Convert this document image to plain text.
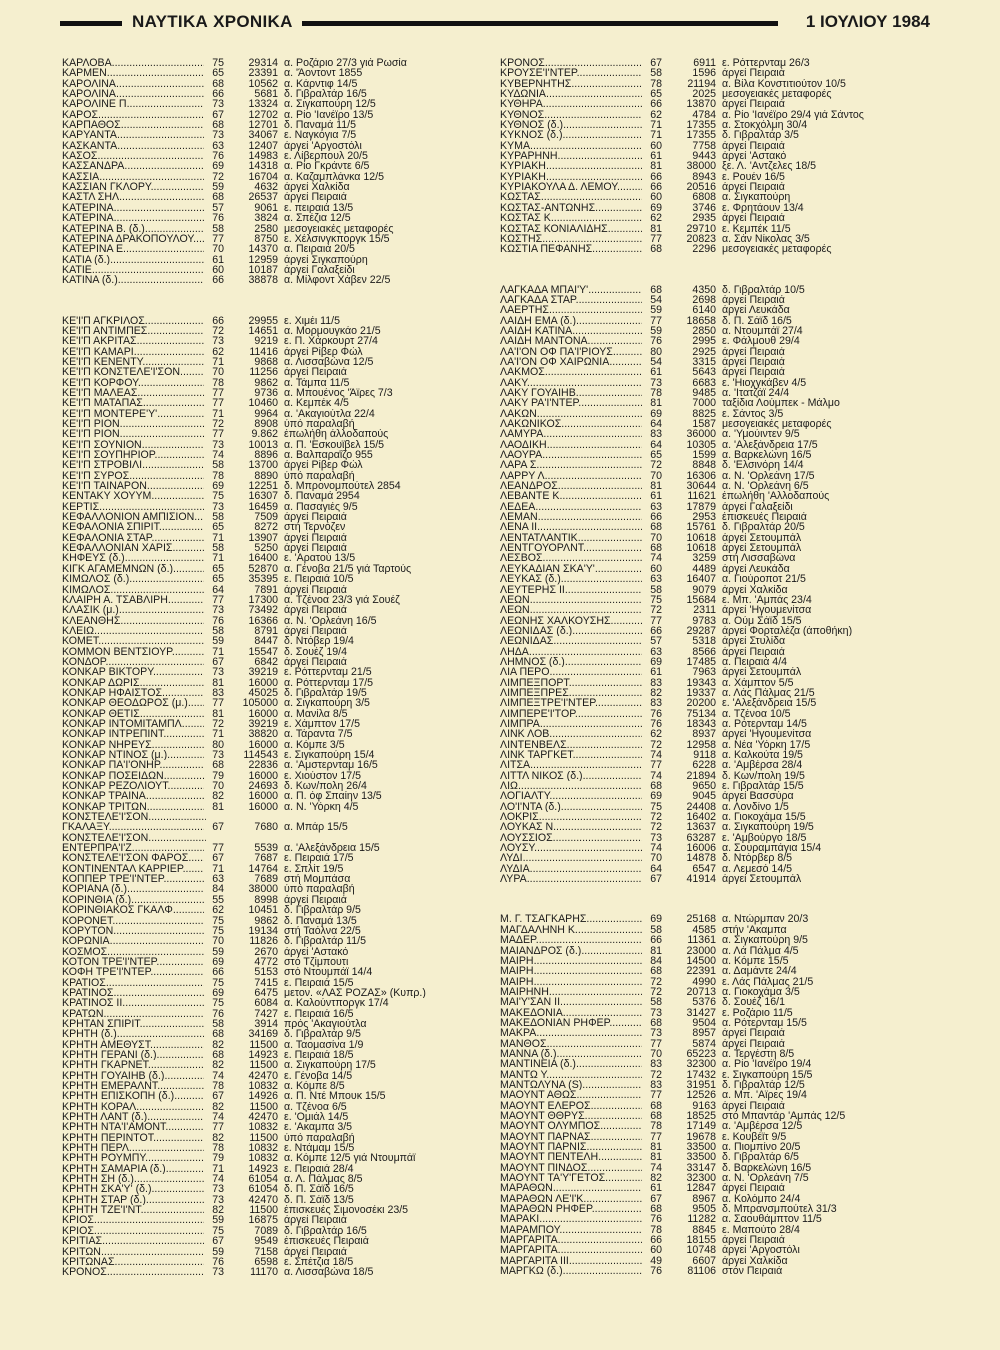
ΝΑΥΤΙΚΑ ΧΡΟΝΙΚΑ	1 ΙΟΥΛΙΟΥ 1984
ΚΑΡΛΟΒΑ .....	75	29314 α. Ροζάριο 27/3 γιά Ρωσία
ΚΑΡΜΕΝ .....	65	23391 α. 'Άοντοντ 1855
ΚΑΡΟΛΙΝΑ .....	68	10562 α. Κάρντιφ 14/5
ΚΑΡΟΛΙΝΑ .....	66	5681 δ. Γιβραλτάρ 16/5
ΚΑΡΟΛΙΝΕ Π. .....	73	13324 α. Σιγκαπούρη 12/5
ΚΑΡΟΣ .....	67	12702 α. Ρίο 'Ιανέϊρο 13/5
ΚΑΡΠΑΘΟΣ .....	68	12701 δ. Παναμά 11/5
ΚΑΡΥΑΝΤΑ .....	73	34067 ε. Ναγκόγια 7/5
ΚΑΣΚΑΝΤΑ .....	63	12407 άργεί 'Αργοστόλι
ΚΑΣΟΣ .....	76	14983 ε. Λίβερπουλ 20/5
ΚΑΣΣΑΝΔΡΑ .....	69	14318 α. Ρίο Γκράντε 6/5
ΚΑΣΣΙΑ .....	72	16704 α. Καζαμπλάνκα 12/5
ΚΑΣΣΙΑΝ ΓΚΛΟΡΥ .....	59	4632 άργεί Χαλκίδα
ΚΑΣΤΛ ΣΗΛ .....	68	26537 άργεί Πειραιά
ΚΑΤΕΡΙΝΑ .....	57	9061 ε. πειραιά 13/5
ΚΑΤΕΡΙΝΑ .....	76	3824 α. Σπέζια 12/5
ΚΑΤΕΡΙΝΑ Β. (δ.) .....	58	2580 μεσογειακές μεταφορές
ΚΑΤΕΡΙΝΑ ΔΡΑΚΟΠΟΥΛΟΥ .....	77	8750 ε. Χέλσινγκποργκ 15/5
ΚΑΤΕΡΙΝΑ Ε. .....	70	14370 α. Πειραιά 20/5
ΚΑΤΙΑ (δ.) .....	61	12959 άργεί Σιγκαπούρη
ΚΑΤΙΕ .....	60	10187 άργεί Γαλαξείδι
ΚΑΤΙΝΑ (δ.) .....	66	38878 α. Μίλφοντ Χάβεν 22/5
ΚΕ'Ι'Π ΑΓΚΡΙΛΟΣ .....	66	29955 ε. Χιμέι 11/5
ΚΕ'Ι'Π ΑΝΤΙΜΠΕΣ .....	72	14651 α. Μορμουγκάο 21/5
ΚΕ'Ι'Π ΑΚΡΙΤΑΣ .....	73	9219 ε. Π. Χάρκουρτ 27/4
ΚΕ'Ι'Π ΚΑΜΑΡΙ .....	62	11416 άργεί Ρίβερ Φώλ
ΚΕ'Ι'Π ΚΕΝΕΝΤΥ .....	71	9868 α. Λισσαβώνα 12/5
ΚΕ'Ι'Π ΚΟΝΣΤΕΛΕ'Ι'ΣΟΝ .....	70	11256 άργεί Πειραιά
ΚΕ'Ι'Π ΚΟΡΦΟΥ .....	78	9862 α. Τάμπα 11/5
ΚΕ'Ι'Π ΜΑΛΕΑΣ .....	77	9736 α. Μπουένος 'Άϊρες 7/3
ΚΕ'Ι'Π ΜΑΤΑΠΑΣ .....	77	10460 α. Κεμπέκ 4/5
ΚΕ'Ι'Π ΜΟΝΤΕΡΕ'Υ' .....	71	9964 α. 'Ακαγιούτλα 22/4
ΚΕ'Ι'Π ΡΙΟΝ .....	72	8908 ύπό παραλαβή
ΚΕ'Ι'Π ΡΙΟΝ .....	77	9.862 έπωλήθη άλλοδαπούς
ΚΕ'Ι'Π ΣΟΥΝΙΟΝ .....	73	10013 α. Π. 'Εσκουϊβελ 15/5
ΚΕ'Ι'Π ΣΟΥΠΗΡΙΟΡ .....	74	8896 α. Βαλπαραΐζο 955
ΚΕ'Ι'Π ΣΤΡΟΒΙΛΙ .....	58	13700 άργεί Ρίβερ Φώλ
ΚΕ'Ι'Π ΣΥΡΟΣ .....	78	8890 ύπό παραλαβή
ΚΕ'Ι'Π ΤΑΙΝΑΡΟΝ .....	69	12251 δ. Μπρονομπούτελ 2854
ΚΕΝΤΑΚΥ ΧΟΥΥΜ .....	75	16307 δ. Παναμά 2954
ΚΕΡΤΙΣ .....	73	16459 α. Πασαγιές 9/5
ΚΕΦΑΛΛΟΝΙΟΝ ΑΜΠΙΣΙΟΝ .....	58	7509 άργεί Πειραιά
ΚΕΦΑΛΟΝΙΑ ΣΠΙΡΙΤ .....	65	8272 στή Τερνόζεν
ΚΕΦΑΛΟΝΙΑ ΣΤΑΡ .....	71	13907 άργεί Πειραιά
ΚΕΦΑΛΛΟΝΙΑΝ ΧΑΡΙΣ .....	58	5250 άργεί Πειραιά
ΚΗΦΕΥΣ (δ.) .....	71	16400 ε. 'Αρατού 13/5
ΚΙΓΚ ΑΓΑΜΕΜΝΩΝ (δ.) .....	65	52870 α. Γένοβα 21/5 γιά Ταρτούς
ΚΙΜΩΛΟΣ (δ.) .....	65	35395 ε. Πειραιά 10/5
ΚΙΜΩΛΟΣ .....	64	7891 άργεί Πειραιά
ΚΛΑΙΡΗ Α. ΤΣΑΒΛΙΡΗ .....	77	17300 α. Τζένοα 23/3 γιά Σουέζ
ΚΛΑΣΙΚ (μ.) .....	73	73492 άργεί Πειραιά
ΚΛΕΑΝΘΗΣ .....	76	16366 α. Ν. 'Ορλεάνη 16/5
ΚΛΕΙΩ .....	58	8791 άργεί Πειραιά
ΚΟΜΕΤ .....	59	8447 δ. Ντόβερ 19/4
ΚΟΜΜΟΝ ΒΕΝΤΣΙΟΥΡ .....	71	15547 δ. Σουέζ 19/4
ΚΟΝΔΟΡ .....	67	6842 άργεί Πειραιά
ΚΟΝΚΑΡ ΒΙΚΤΟΡΥ .....	73	39219 ε. Ρόττερνταμ 21/5
ΚΟΝΚΑΡ ΔΩΡΙΣ .....	81	16000 α. Ρόττερνταμ 17/5
ΚΟΝΚΑΡ ΗΦΑΙΣΤΟΣ .....	83	45025 δ. Γιβραλτάρ 19/5
ΚΟΝΚΑΡ ΘΕΟΔΩΡΟΣ (μ.) .....	77	105000 α. Σιγκαπούρη 3/5
ΚΟΝΚΑΡ ΘΕΤΙΣ .....	81	16000 α. Μανίλα 8/5
ΚΟΝΚΑΡ ΙΝΤΟΜΙΤΑΜΠΛ .....	72	39219 ε. Χάμπτον 17/5
ΚΟΝΚΑΡ ΙΝΤΡΕΠΙΝΤ .....	71	38820 α. Τάραντα 7/5
ΚΟΝΚΑΡ ΝΗΡΕΥΣ .....	80	16000 α. Κόμπε 3/5
ΚΟΝΚΑΡ ΝΤΙΝΟΣ (μ.) .....	73	114543 ε. Σιγκαπούρη 15/4
ΚΟΝΚΑΡ ΠΑ'Ι'ΟΝΗΡ .....	68	22836 α. 'Αμστερνταμ 16/5
ΚΟΝΚΑΡ ΠΟΣΕΙΔΩΝ .....	79	16000 ε. Χιούστον 17/5
ΚΟΝΚΑΡ ΡΕΖΟΛΙΟΥΤ .....	70	24693 δ. Κων/πολη 26/4
ΚΟΝΚΑΡ ΤΡΑΙΝΑ .....	82	16000 α. Π. όφ Σπαίην 13/5
ΚΟΝΚΑΡ ΤΡΙΤΩΝ .....	81	16000 α. Ν. 'Υόρκη 4/5
ΚΟΝΣΤΕΛΕ'Ι'ΣΟΝ .....
ΓΚΑΛΑΞΥ .....	67	7680 α. Μπάρ 15/5
ΚΟΝΣΤΕΛΕ'Ι'ΣΟΝ .....
ΕΝΤΕΡΠΡΑ'Ι'Ζ .....	77	5539 α. 'Αλεξάνδρεια 15/5
ΚΟΝΣΤΕΛΕ'Ι'ΣΟΝ ΦΑΡΟΣ .....	67	7687 ε. Πειραιά 17/5
ΚΟΝΤΙΝΕΝΤΑΛ ΚΑΡΡΙΕΡ .....	71	14764 ε. Σπλίτ 19/5
ΚΟΠΠΕΡ ΤΡΕ'Ι'ΝΤΕΡ .....	63	7689 στή Μομπάσα
ΚΟΡΙΑΝΑ (δ.) .....	84	38000 ύπό παραλαβή
ΚΟΡΙΝΘΙΑ (δ.) .....	55	8998 άργεί Πειραιά
ΚΟΡΙΝΘΙΑΚΟΣ ΓΚΑΛΦ .....	62	10451 δ. Γιβραλτάρ 9/5
ΚΟΡΟΝΕΤ .....	75	9862 δ. Παναμά 13/5
ΚΟΡΥΤΟΝ .....	75	19134 στή Ταόλνα 22/5
ΚΟΡΩΝΙΑ .....	70	11826 δ. Γιβραλτάρ 11/5
ΚΟΣΜΟΣ .....	59	2670 άργεί 'Αστακό
ΚΟΤΟΝ ΤΡΕ'Ι'ΝΤΕΡ .....	69	4772 στό Τζίμπουτι
ΚΟΦΗ ΤΡΕ'Ι'ΝΤΕΡ .....	66	5153 στό Ντουμπάϊ 14/4
ΚΡΑΤΙΟΣ .....	75	7415 ε. Πειραιά 15/5
ΚΡΑΤΙΝΟΣ .....	69	6475 μετον. «ΛΑΣ ΡΟΖΑΣ» (Κυπρ.)
ΚΡΑΤΙΝΟΣ ΙΙ. .....	75	6084 α. Καλούντποργκ 17/4
ΚΡΑΤΩΝ .....	76	7427 ε. Πειραιά 16/5
ΚΡΗΤΑΝ ΣΠΙΡΙΤ .....	58	3914 πρός 'Ακαγιούτλα
ΚΡΗΤΗ (δ.) .....	68	34169 δ. Γιβραλτάρ 9/5
ΚΡΗΤΗ ΑΜΕΘΥΣΤ .....	82	11500 α. Ταομασίνα 1/9
ΚΡΗΤΗ ΓΕΡΑΝΙ (δ.) .....	68	14923 ε. Πειραιά 18/5
ΚΡΗΤΗ ΓΚΑΡΝΕΤ .....	82	11500 α. Σιγκαπούρη 17/5
ΚΡΗΤΗ ΓΟΥΑΙΗΒ (δ.) .....	74	42470 ε. Γένοβα 14/5
ΚΡΗΤΗ ΕΜΕΡΑΛΝΤ .....	78	10832 α. Κόμπε 8/5
ΚΡΗΤΗ ΕΠΙΣΚΟΠΗ (δ.) .....	67	14926 α. Π. Ντέ Μπουκ 15/5
ΚΡΗΤΗ ΚΟΡΑΛ .....	82	11500 α. Τζένοα 6/5
ΚΡΗΤΗ ΛΑΝΤ (δ.) .....	74	42470 ε. 'Ομιάλ 14/5
ΚΡΗΤΗ ΝΤΑ'Ι'ΑΜΟΝΤ .....	77	10832 ε. 'Ακαμπα 3/5
ΚΡΗΤΗ ΠΕΡΙΝΤΟΤ .....	82	11500 ύπό παραλαβή
ΚΡΗΤΗ ΠΕΡΛ .....	78	10832 ε. Ντάμαμ 15/5
ΚΡΗΤΗ ΡΟΥΜΠΥ .....	79	10832 α. Κόμπε 12/5 γιά Ντουμπάϊ
ΚΡΗΤΗ ΣΑΜΑΡΙΑ (δ.) .....	71	14923 ε. Πειραιά 28/4
ΚΡΗΤΗ ΣΗ (δ.) .....	74	61054 α. Λ. Πάλμας 8/5
ΚΡΗΤΗ ΣΚΑ'Υ' (δ.) .....	73	61054 δ. Π. Σάϊδ 16/5
ΚΡΗΤΗ ΣΤΑΡ (δ.) .....	73	42470 δ. Π. Σάϊδ 13/5
ΚΡΗΤΗ ΤΖΕ'Ι'ΝΤ .....	82	11500 έπισκευές Σιμονοσέκι 23/5
ΚΡΙΟΣ .....	59	16875 άργεί Πειραιά
ΚΡΙΟΣ .....	75	7089 δ. Γιβραλτάρ 16/5
ΚΡΙΤΙΑΣ .....	67	9549 έπισκευές Πειραιά
ΚΡΙΤΩΝ .....	59	7158 άργεί Πειραιά
ΚΡΙΤΩΝΑΣ .....	76	6598 ε. Σπέτζια 18/5
ΚΡΟΝΟΣ .....	73	11170 α. Λισσαβώνα 18/5
ΚΡΟΝΟΣ .....	67	6911 ε. Ρόττερνταμ 26/3
ΚΡΟΥΣΕ'Ι'ΝΤΕΡ .....	58	1596 άργεί Πειραιά
ΚΥΒΕΡΝΗΤΗΣ .....	78	21194 α. Βίλα Κονστιτιούτον 10/5
ΚΥΔΩΝΙΑ .....	65	2025 μεσογειακές μεταφορές
ΚΥΘΗΡΑ .....	66	13870 άργεί Πειραιά
ΚΥΘΝΟΣ .....	62	4784 α. Ρίο 'Ιανέϊρο 29/4 γιά Σάντος
ΚΥΘΝΟΣ (δ.) .....	71	17355 α. Στοκχόλμη 30/4
ΚΥΚΝΟΣ (δ.) .....	71	17355 δ. Γιβραλτάρ 3/5
ΚΥΜΑ .....	60	7758 άργεί Πειραιά
ΚΥΡΑΡΗΝΗ .....	61	9443 άργεί 'Αστακό
ΚΥΡΙΑΚΗ .....	81	38000 ξε. Λ. 'Αντζελες 18/5
ΚΥΡΙΑΚΗ .....	66	8943 ε. Ρουέν 16/5
ΚΥΡΙΑΚΟΥΛΑ Δ. ΛΕΜΟΥ .....	66	20516 άργεί Πειραιά
ΚΩΣΤΑΣ .....	60	6808 α. Σιγκαπούρη
ΚΩΣΤΑΣ-ΑΝΤΩΝΗΣ .....	69	3746 ε. Φρητάουν 13/4
ΚΩΣΤΑΣ Κ. .....	62	2935 άργεί Πειραιά
ΚΩΣΤΑΣ ΚΟΝΙΑΛΙΔΗΣ .....	81	29710 ε. Κεμπέκ 11/5
ΚΩΣΤΗΣ .....	77	20823 α. Σάν Νίκολας 3/5
ΚΩΣΤΙΑ ΠΕΦΑΝΗΣ .....	68	2296 μεσογειακές μεταφορές
ΛΑΓΚΑΔΑ ΜΠΑΙ'Υ' .....	68	4350 δ. Γιβραλτάρ 10/5
ΛΑΓΚΑΔΑ ΣΤΑΡ .....	54	2698 άργεί Πειραιά
ΛΑΕΡΤΗΣ .....	59	6140 άργεί Λευκάδα
ΛΑΙΔΗ ΕΜΑ (δ.) .....	77	18658 δ. Π. Σάϊδ 16/5
ΛΑΙΔΗ ΚΑΤΙΝΑ .....	59	2850 α. Ντουμπάϊ 27/4
ΛΑΙΔΗ ΜΑΝΤΟΝΑ .....	76	2995 ε. Φάλμουθ 29/4
ΛΑ'Ι'ΟΝ ΟΦ ΠΑ'Ι'ΡΙΟΥΣ .....	80	2925 άργεί Πειραιά
ΛΑ'Ι'ΟΝ ΟΦ ΧΑΙΡΩΝΙΑ .....	54	3315 άργεί Πειραιά
ΛΑΚΜΟΣ .....	61	5643 άργεί Πειραιά
ΛΑΚΥ .....	73	6683 ε. 'Ηιοχγκάβεν 4/5
ΛΑΚΥ ΓΟΥΑΙΗΒ .....	78	9485 α. 'Ιτατζάϊ 24/4
ΛΑΚΥ ΡΑ'Ι'ΝΤΕΡ .....	81	7000 ταξίδια Λούμπεκ - Μάλμο
ΛΑΚΩΝ .....	69	8825 ε. Σάντος 3/5
ΛΑΚΩΝΙΚΟΣ .....	64	1587 μεσογειακές μεταφορές
ΛΑΜΥΡΑ .....	83	36000 α. 'Υμούιντεν 9/5
ΛΑΟΔΙΚΗ .....	64	10305 α. 'Αλεξάνδρεια 17/5
ΛΑΟΥΡΑ .....	65	1599 α. Βαρκελώνη 16/5
ΛΑΡΑ Σ. .....	72	8848 δ. 'Ελσινόρη 14/4
ΛΑΡΡΥ Λ. .....	70	16306 α. Ν. 'Ορλεάνη 17/5
ΛΕΑΝΔΡΟΣ .....	81	30644 α. Ν. 'Ορλεάνη 6/5
ΛΕΒΑΝΤΕ Κ. .....	61	11621 έπωλήθη 'Αλλοδαπούς
ΛΕΔΕΑ .....	63	17879 άργεί Γαλαξείδι
ΛΕΜΑΝ .....	66	2953 έπισκευές Πειραιά
ΛΕΝΑ ΙΙ .....	68	15761 δ. Γιβραλτάρ 20/5
ΛΕΝΤΑΤΛΑΝΤΙΚ .....	70	10618 άργεί Σετουμπάλ
ΛΕΝΤΓΟΥΟΡΛΝΤ .....	68	10618 άργεί Σετουμπάλ
ΛΕΣΒΟΣ .....	74	3259 στή Λισσαβώνα
ΛΕΥΚΑΔΙΑΝ ΣΚΑ'Υ' .....	60	4489 άργεί Λευκάδα
ΛΕΥΚΑΣ (δ.) .....	63	16407 α. Γιούροποτ 21/5
ΛΕΥΤΕΡΗΣ ΙΙ .....	58	9079 άργεί Χαλκίδα
ΛΕΩΝ .....	75	15684 ε. Μπ. 'Αμπάς 23/4
ΛΕΩΝ .....	72	2311 άργεί 'Ηγουμενίτσα
ΛΕΩΝΗΣ ΧΑΛΚΟΥΣΗΣ .....	77	9783 α. Ούμ Σάϊδ 15/5
ΛΕΩΝΙΔΑΣ (δ.) .....	66	29287 άργεί Φορταλέζα (άποθήκη)
ΛΕΩΝΙΔΑΣ .....	57	5318 άργεί Στυλίδα
ΛΗΔΑ .....	63	8566 άργεί Πειραιά
ΛΗΜΝΟΣ (δ.) .....	69	17485 α. Πειραιά 4/4
ΛΙΑ ΠΕΡΟ .....	61	7963 άργεί Σετουμπάλ
ΛΙΜΠΕΞΠΟΡΤ .....	83	19343 α. Χάμπτον 5/5
ΛΙΜΠΕΞΠΡΕΣ .....	82	19337 α. Λάς Πάλμας 21/5
ΛΙΜΠΕΞΤΡΕ'Ι'ΝΤΕΡ .....	83	20200 ε. 'Αλεξάνδρεια 15/5
ΛΙΜΠΕΡΕ'Ι'ΤΟΡ .....	76	75134 α. Τζένοα 10/5
ΛΙΜΠΡΑ .....	76	18343 α. Ρότερνταμ 14/5
ΛΙΝΚ ΛΟΒ .....	62	8937 άργεί 'Ηγουμενίτσα
ΛΙΝΤΕΝΒΕΛΣ .....	72	12958 α. Νέα 'Υόρκη 17/5
ΛΙΝΚ ΤΑΡΓΚΕΤ .....	74	9118 α. Καλκούτα 19/5
ΛΙΤΣΑ .....	77	6228 α. 'Αμβέρσα 28/4
ΛΙΤΤΛ ΝΙΚΟΣ (δ.) .....	74	21894 δ. Κων/πολη 19/5
ΛΙΩ .....	68	9650 ε. Γιβραλτάρ 15/5
ΛΟΓΙΑΛΤΥ .....	69	9045 άργεί Βασσύρα
ΛΟ'Ι'ΝΤΑ (δ.) .....	75	24408 α. Λονδίνο 1/5
ΛΟΚΡΙΣ .....	72	16402 α. Γιοκοχάμα 15/5
ΛΟΥΚΑΣ Ν. .....	72	13637 α. Σιγκαπούρη 19/5
ΛΟΥΣΣΙΟΣ .....	73	63287 ε. 'Αμβούργο 18/5
ΛΟΥΣΥ .....	74	16006 α. Σουραμπάγια 15/4
ΛΥΔΙ .....	70	14878 δ. Ντόρβερ 8/5
ΛΥΔΙΑ .....	64	6547 α. Λεμεσό 14/5
ΛΥΡΑ .....	67	41914 άργεί Σετουμπάλ
Μ. Γ. ΤΣΑΓΚΑΡΗΣ .....	69	25168 α. Ντώρμπαν 20/3
ΜΑΓΔΑΛΗΝΗ Κ. .....	58	4585 στήν 'Ακαμπα
ΜΑΔΕΡ .....	66	11361 α. Σιγκαπούρη 9/5
ΜΑΙΑΝΔΡΟΣ (δ.) .....	81	23000 α. Λά Πάλμα 4/5
ΜΑΙΡΗ .....	84	14500 α. Κόμπε 15/5
ΜΑΙΡΗ .....	68	22391 α. Δαμάντε 24/4
ΜΑΙΡΗ .....	72	4990 ε. Λάς Πάλμας 21/5
ΜΑΙΡΗΝΗ .....	72	20713 α. Γιοκοχάμα 3/5
ΜΑΙ'Υ'ΣΑΝ ΙΙ .....	58	5376 δ. Σουέζ 16/1
ΜΑΚΕΔΟΝΙΑ .....	73	31427 ε. Ροζάριο 11/5
ΜΑΚΕΔΟΝΙΑΝ ΡΗΦΕΡ .....	68	9504 α. Ρότερνταμ 15/5
ΜΑΚΡΑ .....	73	8957 άργεί Πειραιά
ΜΑΝΘΟΣ .....	77	5874 άργεί Πειραιά
ΜΑΝΝΑ (δ.) .....	70	65223 α. Τεργέστη 8/5
ΜΑΝΤΙΝΕΙΑ (δ.) .....	83	32300 α. Ρίο 'Ιανέϊρο 19/4
ΜΑΝΤΩ Υ. .....	72	17432 ε. Σιγκαπούρη 15/5
ΜΑΝΤΩΛΥΝΑ (S) .....	83	31951 δ. Γιβραλτάρ 12/5
ΜΑΟΥΝΤ ΑΘΩΣ .....	77	12526 α. Μπ. 'Αϊρες 19/4
ΜΑΟΥΝΤ ΕΛΕΡΟΣ .....	68	9163 άργεί Πειραιά
ΜΑΟΥΝΤ ΘΘΡΥΣ .....	68	18525 στό Μπαντάρ 'Αμπάς 12/5
ΜΑΟΥΝΤ ΟΛΥΜΠΟΣ .....	78	17149 α. 'Αμβέρσα 12/5
ΜΑΟΥΝΤ ΠΑΡΝΑΣ .....	77	19678 ε. Κουβέϊτ 9/5
ΜΑΟΥΝΤ ΠΑΡΝΙΣ .....	81	33500 α. Πιομπίνο 20/5
ΜΑΟΥΝΤ ΠΕΝΤΕΛΗ .....	81	33500 δ. Γιβραλτάρ 6/5
ΜΑΟΥΝΤ ΠΙΝΔΟΣ .....	74	33147 δ. Βαρκελώνη 16/5
ΜΑΟΥΝΤ ΤΑ'Υ'ΓΕΤΟΣ .....	82	32300 α. Ν. 'Ορλεάνη 7/5
ΜΑΡΑΘΩΝ .....	61	12847 άργεί Πειραιά
ΜΑΡΑΘΩΝ ΛΕ'Ι'Κ .....	67	8967 α. Κολόμπο 24/4
ΜΑΡΑΘΩΝ ΡΗΦΕΡ .....	68	9505 δ. Μπρανσμπούτελ 31/3
ΜΑΡΑΚΙ .....	76	11282 α. Σαουθάμπτον 11/5
ΜΑΡΑΜΠΟΥ .....	78	8845 ε. Μαπούτο 28/4
ΜΑΡΓΑΡΙΤΑ .....	66	18155 άργεί Πειραιά
ΜΑΡΓΑΡΙΤΑ .....	60	10748 άργεί 'Αργοστόλι
ΜΑΡΓΑΡΙΤΑ ΙΙΙ .....	49	6607 άργεί Χαλκίδα
ΜΑΡΓΚΩ (δ.) .....	76	81106 στόν Πειραιά
